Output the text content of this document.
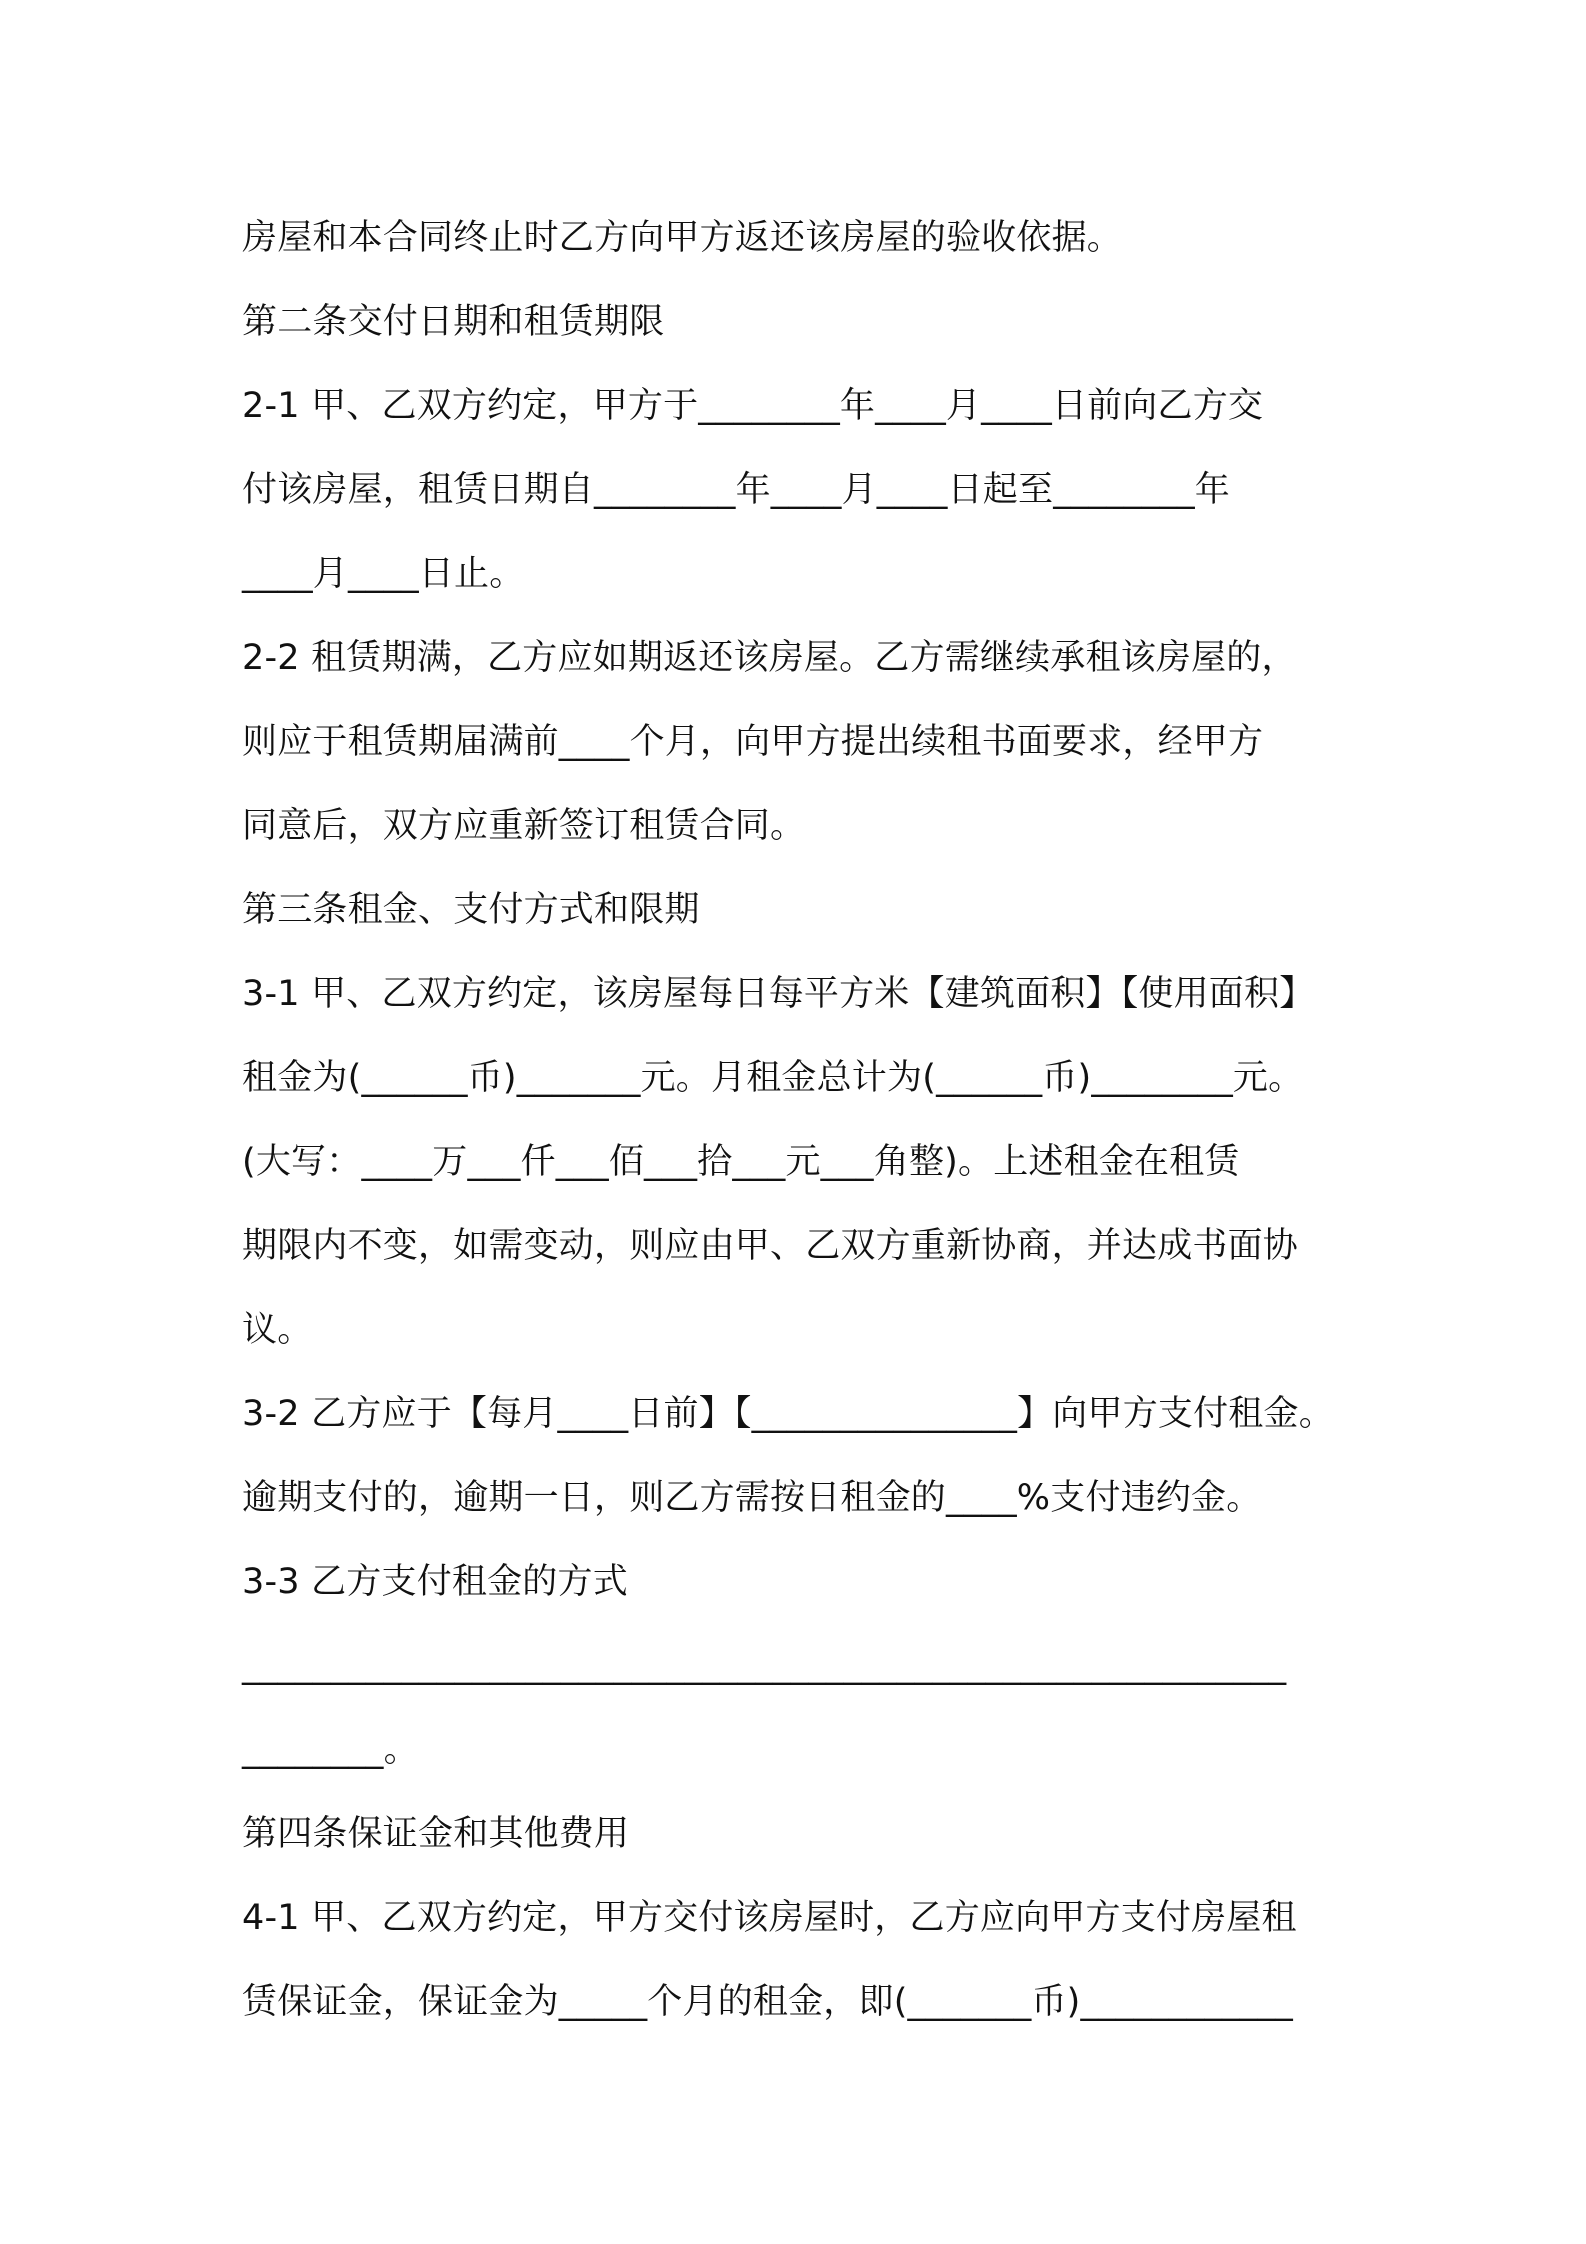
房屋和本合同终止时乙方向甲方返还该房屋的验收依据。
第二条交付日期和租赁期限
2-1 甲、乙双方约定，甲方于________年____月____日前向乙方交
付该房屋，租赁日期自________年____月____日起至________年
____月____日止。
2-2 租赁期满，乙方应如期返还该房屋。乙方需继续承租该房屋的，
则应于租赁期届满前____个月，向甲方提出续租书面要求，经甲方
同意后，双方应重新签订租赁合同。
第三条租金、支付方式和限期
3-1 甲、乙双方约定，该房屋每日每平方米【建筑面积】【使用面积】
租金为(______币)_______元。月租金总计为(______币)________元。
(大写：____万___仟___佰___拾___元___角整)。上述租金在租赁
期限内不变，如需变动，则应由甲、乙双方重新协商，并达成书面协
议。
3-2 乙方应于【每月____日前】【_______________】向甲方支付租金。
逾期支付的，逾期一日，则乙方需按日租金的____%支付违约金。
3-3 乙方支付租金的方式
___________________________________________________________
________。
第四条保证金和其他费用
4-1 甲、乙双方约定，甲方交付该房屋时，乙方应向甲方支付房屋租
赁保证金，保证金为_____个月的租金，即(_______币)____________
